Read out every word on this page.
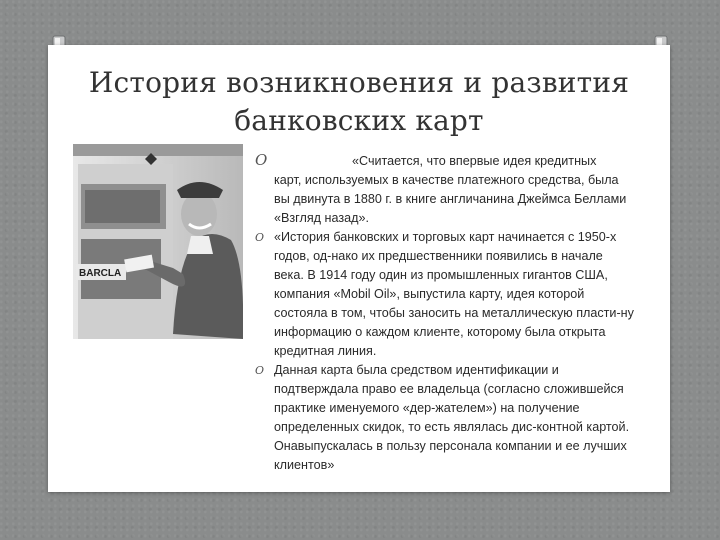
История возникновения и развития
банковских карт
BARCLA
O	«Считается, что впервые идея кредитных
карт, используемых в качестве платежного средства, была вы двинута в 1880 г. в книге англичанина Джеймса Беллами «Взгляд назад».
O «История банковских и торговых карт начинается с 1950-х годов, од-нако их предшественники появились в начале века. В 1914 году один из промышленных гигантов США, компания «Mobil Oil», выпустила карту, идея которой состояла в том, чтобы заносить на металлическую пласти-ну информацию о каждом клиенте, которому была открыта кредитная линия.
O Данная карта была средством идентификации и подтверждала право ее владельца (согласно сложившейся практике именуемого «дер-жателем») на получение определенных скидок, то есть являлась дис-контной картой. Онавыпускалась в пользу персонала компании и ее лучших клиентов»
